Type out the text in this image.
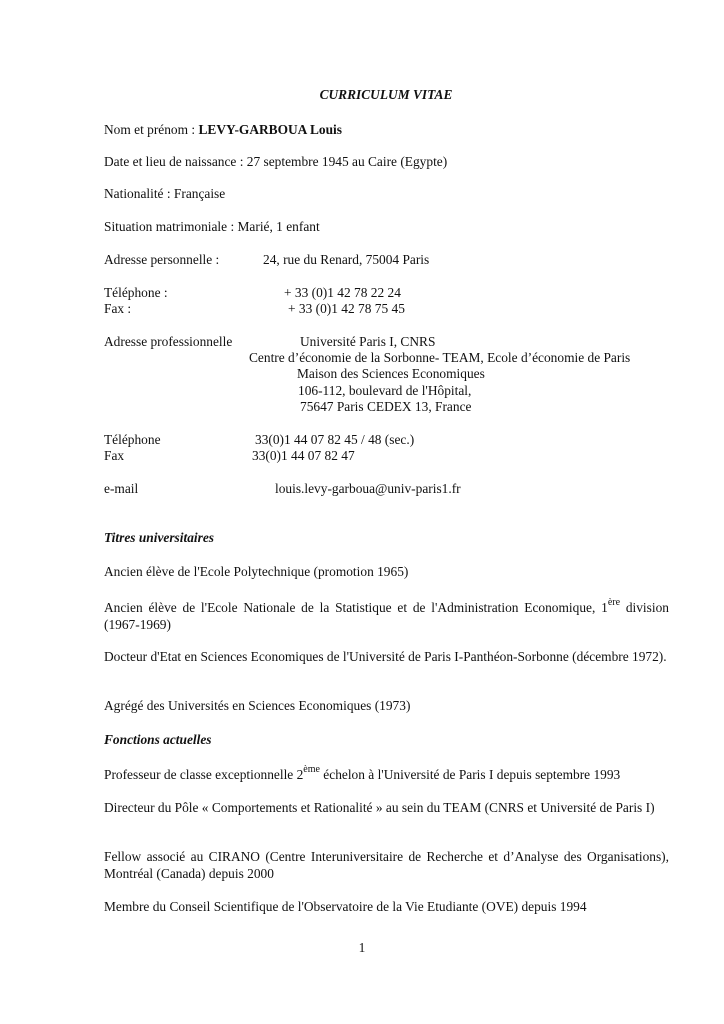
CURRICULUM VITAE
Nom et prénom : LEVY-GARBOUA Louis
Date et lieu de naissance : 27 septembre 1945 au Caire (Egypte)
Nationalité : Française
Situation matrimoniale : Marié, 1 enfant
Adresse personnelle :	24, rue du Renard, 75004 Paris
Téléphone :	+ 33 (0)1 42 78 22 24
Fax :	+ 33 (0)1 42 78 75 45
Adresse professionnelle	Université Paris I, CNRS
Centre d’économie de la Sorbonne- TEAM, Ecole d’économie de Paris
Maison des Sciences Economiques
106-112, boulevard de l'Hôpital,
75647 Paris CEDEX 13, France
Téléphone	33(0)1 44 07 82 45 / 48 (sec.)
Fax	33(0)1 44 07 82 47
e-mail	louis.levy-garboua@univ-paris1.fr
Titres universitaires
Ancien élève de l'Ecole Polytechnique (promotion 1965)
Ancien élève de l'Ecole Nationale de la Statistique et de l'Administration Economique, 1ère division (1967-1969)
Docteur d'Etat en Sciences Economiques de l'Université de Paris I-Panthéon-Sorbonne (décembre 1972).
Agrégé des Universités en Sciences Economiques (1973)
Fonctions actuelles
Professeur de classe exceptionnelle 2ème échelon à l'Université de Paris I depuis septembre 1993
Directeur du Pôle « Comportements et Rationalité » au sein du TEAM (CNRS et Université de Paris I)
Fellow associé au CIRANO (Centre Interuniversitaire de Recherche et d’Analyse des Organisations), Montréal (Canada) depuis 2000
Membre du Conseil Scientifique de l'Observatoire de la Vie Etudiante (OVE) depuis 1994
1
